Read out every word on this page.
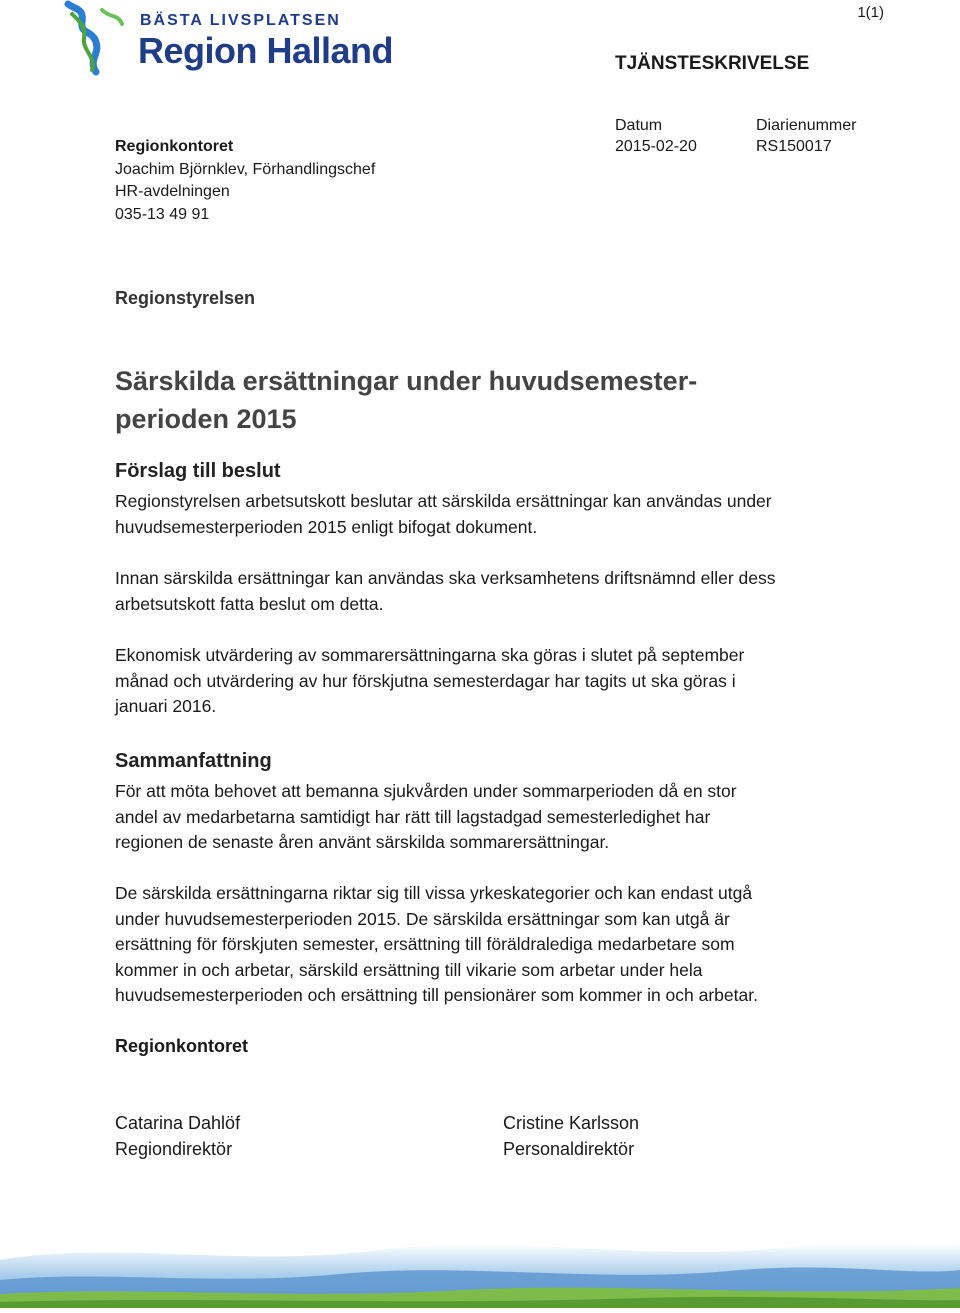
1(1)
BÄSTA LIVSPLATSEN
Region Halland	TJÄNSTESKRIVELSE
Regionkontoret
Joachim Björnklev, Förhandlingschef
HR-avdelningen
035-13 49 91
Datum
2015-02-20
Diarienummer
RS150017
Regionstyrelsen
Särskilda ersättningar under huvudsemester-
perioden 2015
Förslag till beslut
Regionstyrelsen arbetsutskott beslutar att särskilda ersättningar kan användas under
huvudsemesterperioden 2015 enligt bifogat dokument.
Innan särskilda ersättningar kan användas ska verksamhetens driftsnämnd eller dess
arbetsutskott fatta beslut om detta.
Ekonomisk utvärdering av sommarersättningarna ska göras i slutet på september
månad och utvärdering av hur förskjutna semesterdagar har tagits ut ska göras i
januari 2016.
Sammanfattning
För att möta behovet att bemanna sjukvården under sommarperioden då en stor
andel av medarbetarna samtidigt har rätt till lagstadgad semesterledighet har
regionen de senaste åren använt särskilda sommarersättningar.
De särskilda ersättningarna riktar sig till vissa yrkeskategorier och kan endast utgå
under huvudsemesterperioden 2015. De särskilda ersättningar som kan utgå är
ersättning för förskjuten semester, ersättning till föräldralediga medarbetare som
kommer in och arbetar, särskild ersättning till vikarie som arbetar under hela
huvudsemesterperioden och ersättning till pensionärer som kommer in och arbetar.
Regionkontoret
Catarina Dahlöf
Regiondirektör
Cristine Karlsson
Personaldirektör
